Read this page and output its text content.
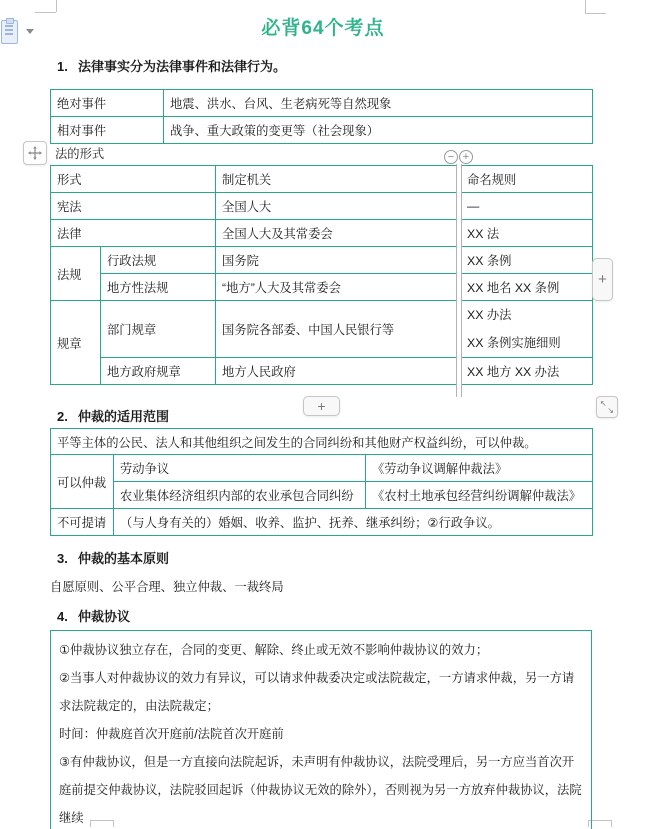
必背64个考点
1. 法律事实分为法律事件和法律行为。
绝对事件	地震、洪水、台风、生老病死等自然现象
相对事件	战争、重大政策的变更等（社会现象）
法的形式	− +
形式		制定机关	命名规则
宪法		全国人大	—
法律		全国人大及其常委会	XX 法
法规	行政法规	国务院	XX 条例
	地方性法规	“地方”人大及其常委会	XX 地名 XX 条例
规章	部门规章	国务院各部委、中国人民银行等	XX 办法
XX 条例实施细则

	地方政府规章	地方人民政府	XX 地方 XX 办法
+
+	↖
↘
2. 仲裁的适用范围
平等主体的公民、法人和其他组织之间发生的合同纠纷和其他财产权益纠纷，可以仲裁。		
可以仲裁	劳动争议	《劳动争议调解仲裁法》
	农业集体经济组织内部的农业承包合同纠纷	《农村土地承包经营纠纷调解仲裁法》
不可提请	（与人身有关的）婚姻、收养、监护、抚养、继承纠纷；②行政争议。	
3. 仲裁的基本原则
自愿原则、公平合理、独立仲裁、一裁终局
4. 仲裁协议

①仲裁协议独立存在，合同的变更、解除、终止或无效不影响仲裁协议的效力；

②当事人对仲裁协议的效力有异议，可以请求仲裁委决定或法院裁定，一方请求仲裁，另一方请求法院裁定的，由法院裁定；

时间：仲裁庭首次开庭前/法院首次开庭前

③有仲裁协议，但是一方直接向法院起诉，未声明有仲裁协议，法院受理后，另一方应当首次开庭前提交仲裁协议，法院驳回起诉（仲裁协议无效的除外），否则视为另一方放弃仲裁协议，法院继续
